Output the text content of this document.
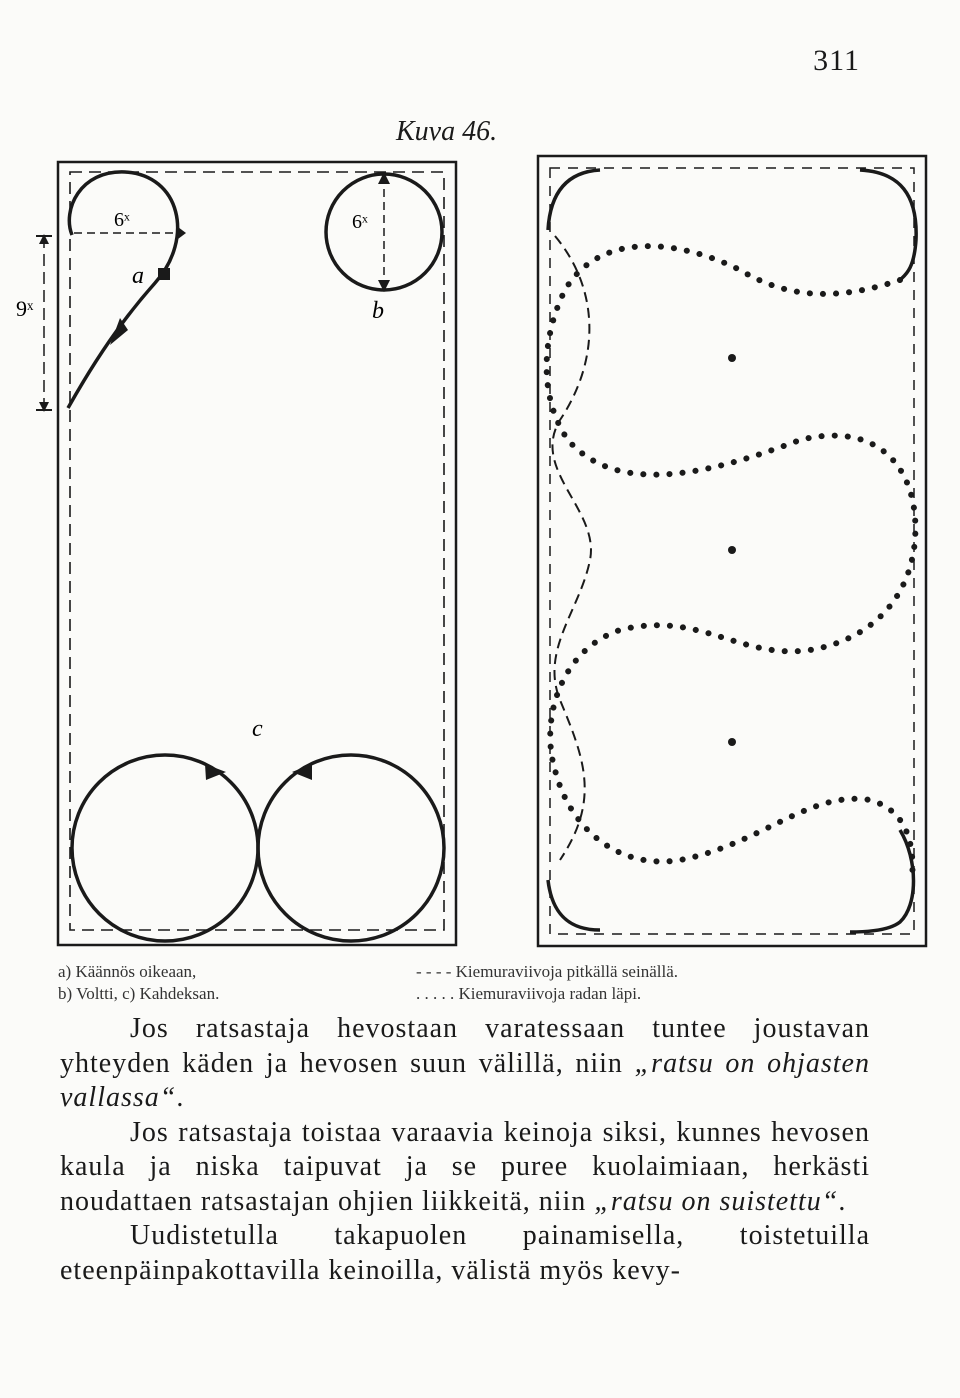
311
Kuva 46.
6ˣ
a
9ˣ
6ˣ
b
c
a) Käännös oikeaan,
b) Voltti, c) Kahdeksan.
- - - - Kiemuraviivoja pitkällä seinällä.
. . . . . Kiemuraviivoja radan läpi.

Jos ratsastaja hevostaan varatessaan tuntee joustavan yhteyden käden ja hevosen suun välillä, niin „ratsu on ohjasten vallassa“.

Jos ratsastaja toistaa varaavia keinoja siksi, kunnes hevosen kaula ja niska taipuvat ja se puree kuolaimiaan, herkästi noudattaen ratsastajan ohjien liikkeitä, niin „ratsu on suistettu“.

Uudistetulla takapuolen painamisella, toistetuilla eteenpäinpakottavilla keinoilla, välistä myös kevy-
